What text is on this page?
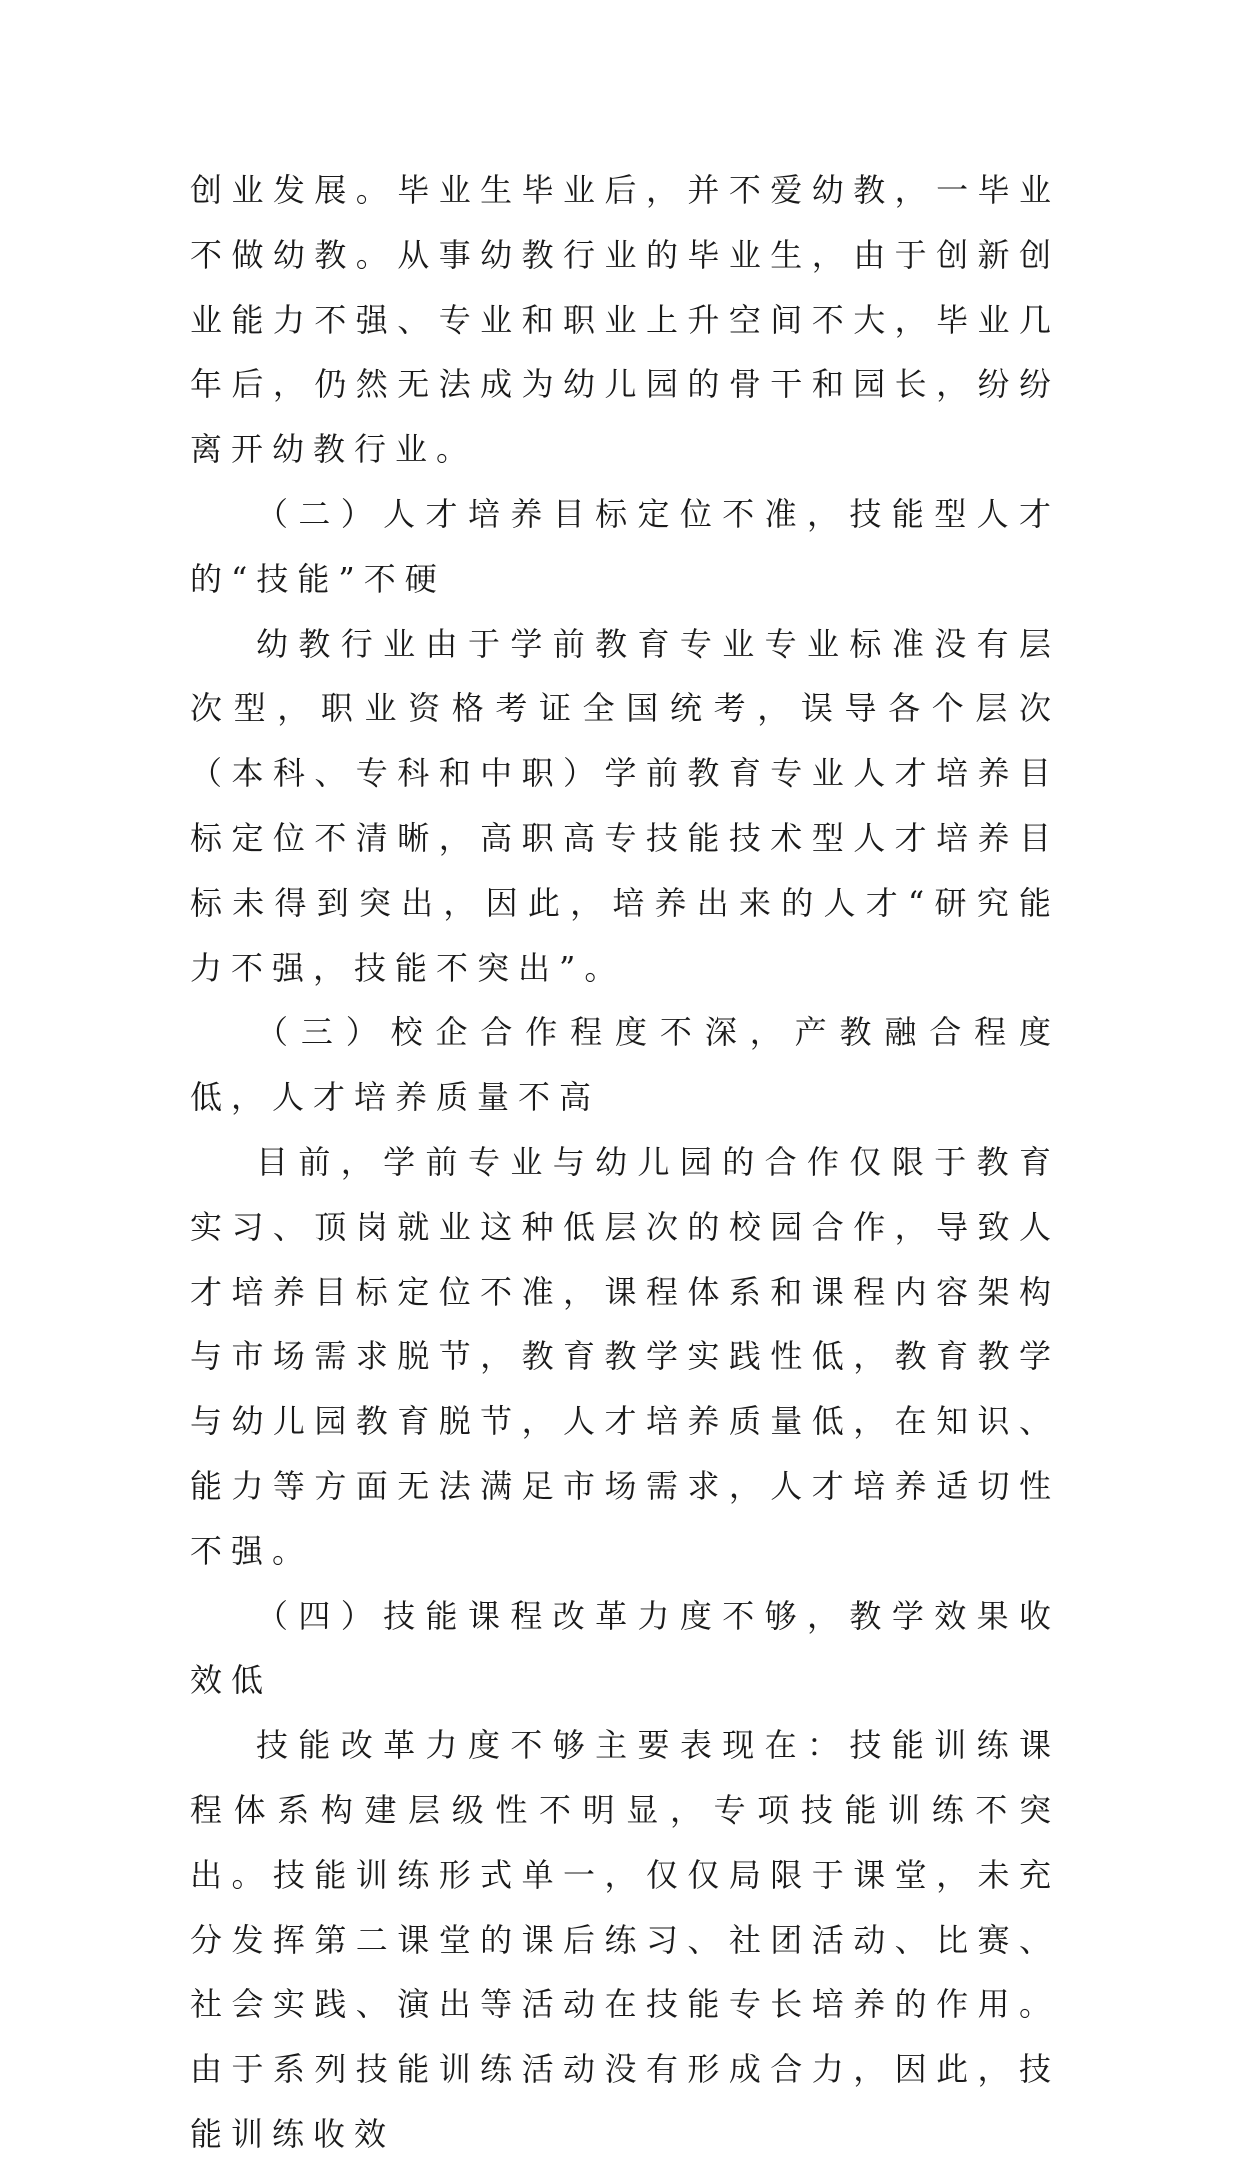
创业发展。毕业生毕业后，并不爱幼教，一毕业不做幼教。从事幼教行业的毕业生，由于创新创业能力不强、专业和职业上升空间不大，毕业几年后，仍然无法成为幼儿园的骨干和园长，纷纷离开幼教行业。

（二）人才培养目标定位不准，技能型人才的“技能”不硬

幼教行业由于学前教育专业专业标准没有层次型，职业资格考证全国统考，误导各个层次（本科、专科和中职）学前教育专业人才培养目标定位不清晰，高职高专技能技术型人才培养目标未得到突出，因此，培养出来的人才“研究能力不强，技能不突出”。

（三）校企合作程度不深，产教融合程度低，人才培养质量不高

目前，学前专业与幼儿园的合作仅限于教育实习、顶岗就业这种低层次的校园合作，导致人才培养目标定位不准，课程体系和课程内容架构与市场需求脱节，教育教学实践性低，教育教学与幼儿园教育脱节，人才培养质量低，在知识、能力等方面无法满足市场需求，人才培养适切性不强。

（四）技能课程改革力度不够，教学效果收效低

技能改革力度不够主要表现在：技能训练课程体系构建层级性不明显，专项技能训练不突出。技能训练形式单一，仅仅局限于课堂，未充分发挥第二课堂的课后练习、社团活动、比赛、社会实践、演出等活动在技能专长培养的作用。由于系列技能训练活动没有形成合力，因此，技能训练收效
